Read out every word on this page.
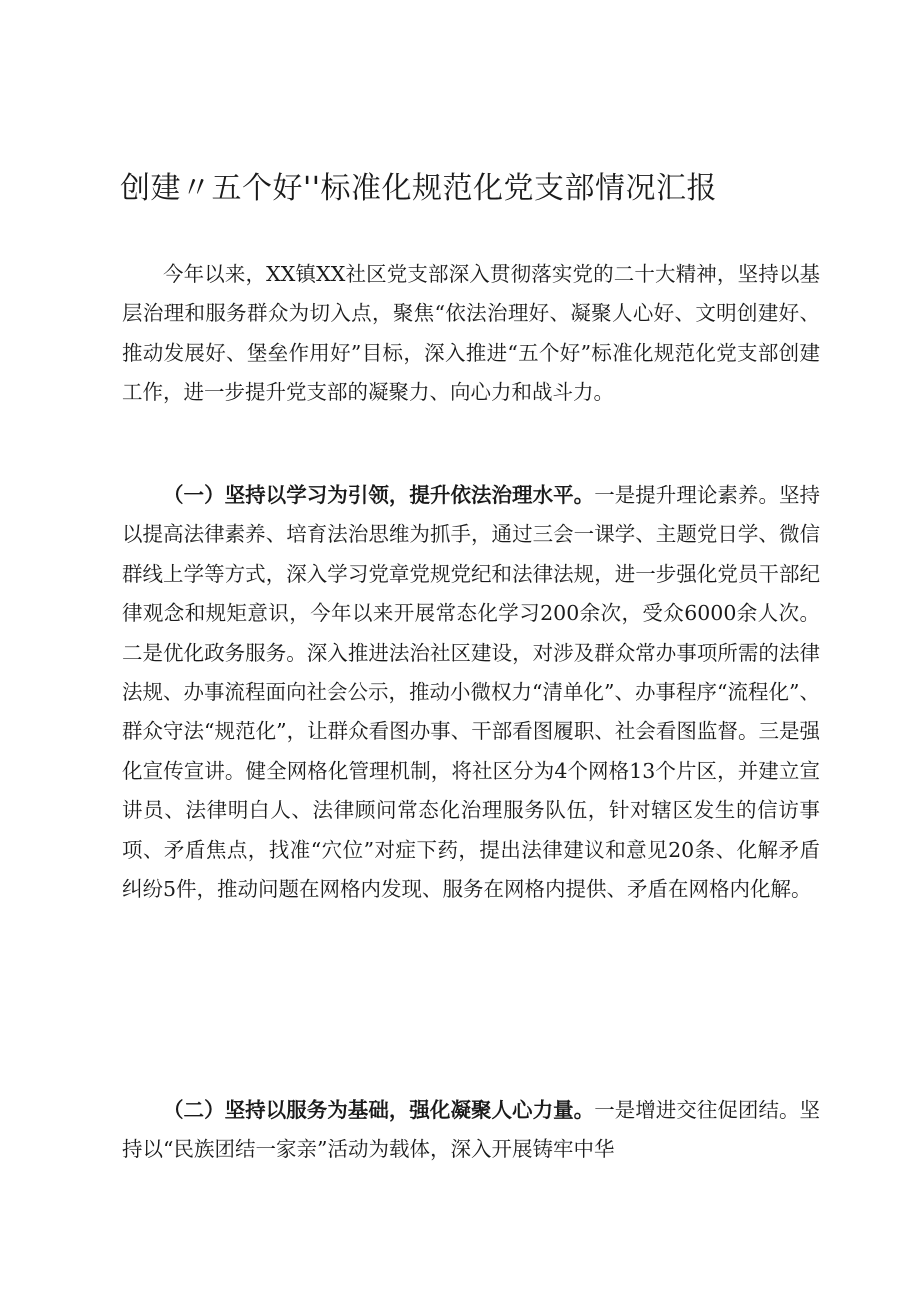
创建〃五个好''标准化规范化党支部情况汇报

今年以来，XX镇XX社区党支部深入贯彻落实党的二十大精神，坚持以基层治理和服务群众为切入点，聚焦“依法治理好、凝聚人心好、文明创建好、推动发展好、堡垒作用好”目标，深入推进“五个好”标准化规范化党支部创建工作，进一步提升党支部的凝聚力、向心力和战斗力。

（一）坚持以学习为引领，提升依法治理水平。一是提升理论素养。坚持以提高法律素养、培育法治思维为抓手，通过三会一课学、主题党日学、微信群线上学等方式，深入学习党章党规党纪和法律法规，进一步强化党员干部纪律观念和规矩意识，今年以来开展常态化学习200余次，受众6000余人次。二是优化政务服务。深入推进法治社区建设，对涉及群众常办事项所需的法律法规、办事流程面向社会公示，推动小微权力“清单化”、办事程序“流程化”、群众守法“规范化”，让群众看图办事、干部看图履职、社会看图监督。三是强化宣传宣讲。健全网格化管理机制，将社区分为4个网格13个片区，并建立宣讲员、法律明白人、法律顾问常态化治理服务队伍，针对辖区发生的信访事项、矛盾焦点，找准“穴位”对症下药，提出法律建议和意见20条、化解矛盾纠纷5件，推动问题在网格内发现、服务在网格内提供、矛盾在网格内化解。

（二）坚持以服务为基础，强化凝聚人心力量。一是增进交往促团结。坚持以“民族团结一家亲”活动为载体，深入开展铸牢中华
